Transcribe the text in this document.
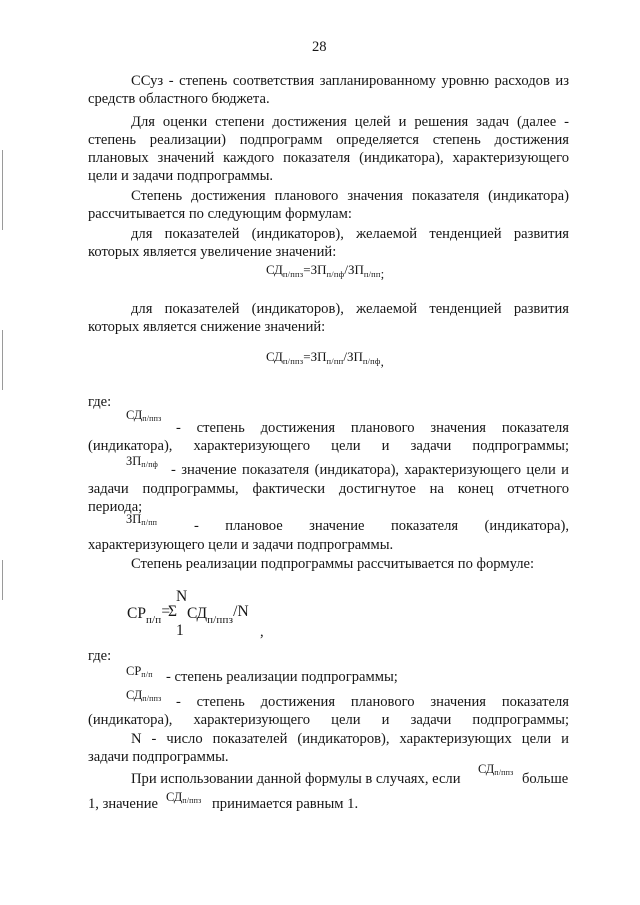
28
ССуз - степень соответствия запланированному уровню расходов из
средств областного бюджета.
Для оценки степени достижения целей и решения задач (далее -
степень реализации) подпрограмм определяется степень достижения
плановых значений каждого показателя (индикатора), характеризующего
цели и задачи подпрограммы.
Степень достижения планового значения показателя (индикатора)
рассчитывается по следующим формулам:
для показателей (индикаторов), желаемой тенденцией развития
которых является увеличение значений:
$СД_{п/ппз}=ЗП_{п/пф}/ЗП_{п/пп}$;
для показателей (индикаторов), желаемой тенденцией развития
которых является снижение значений:
$СД_{п/ппз}=ЗП_{п/пп}/ЗП_{п/пф}$,
где:
СДп/ппз
- степень достижения планового значения показателя
(индикатора), характеризующего цели и задачи подпрограммы;
ЗПп/пф - значение показателя (индикатора), характеризующего цели и
задачи подпрограммы, фактически достигнутое на конец отчетного
периода;
ЗПп/пп	- плановое значение показателя (индикатора),
характеризующего цели и задачи подпрограммы.
Степень реализации подпрограммы рассчитывается по формуле:
N
$СР_{п/п}= \Sigma$ $СД_{п/ппз}/N$
1	,
где:
СРп/п - степень реализации подпрограммы;
СДп/ппз - степень достижения планового значения показателя
(индикатора), характеризующего цели и задачи подпрограммы;
N - число показателей (индикаторов), характеризующих цели и
задачи подпрограммы.
При использовании данной формулы в случаях, если
СДп/ппз больше
1, значение СДп/ппз принимается равным 1.
